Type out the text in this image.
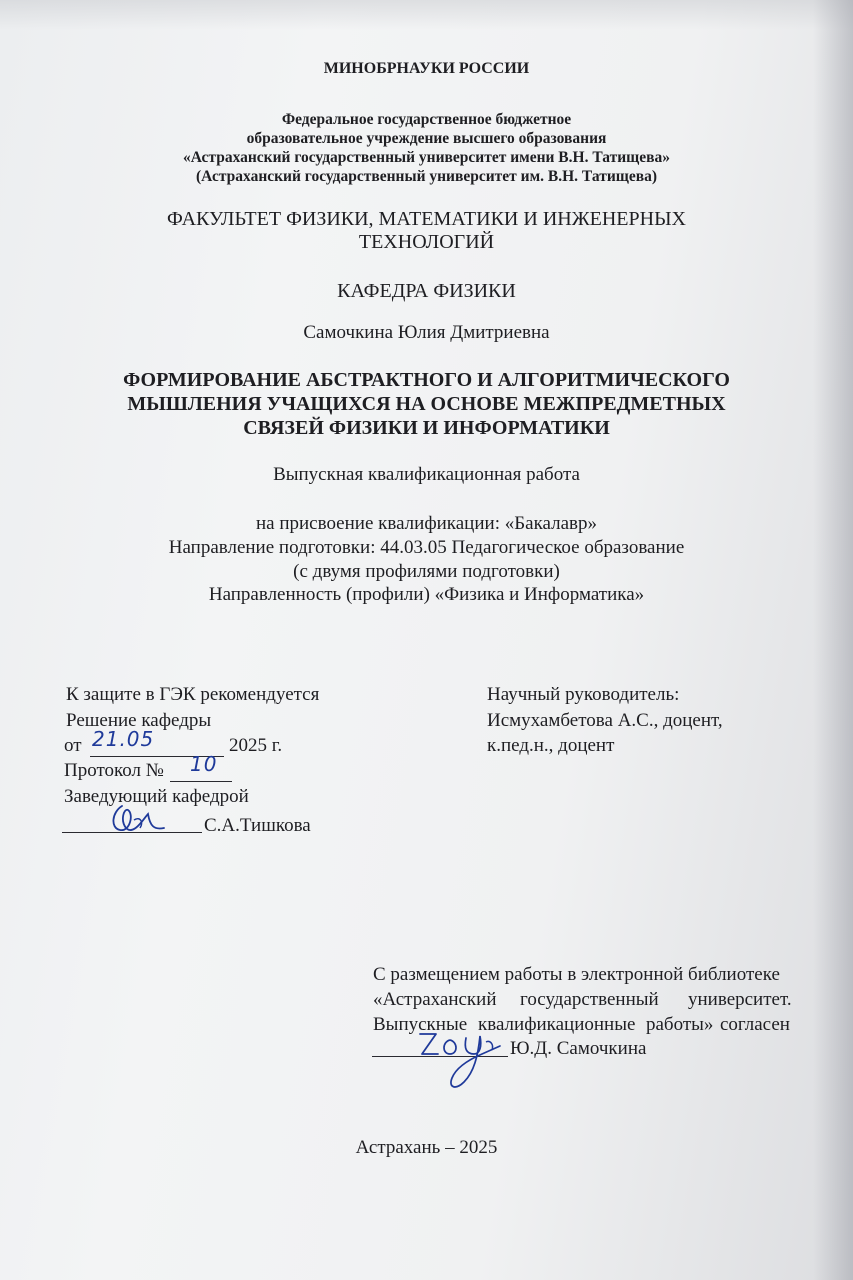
МИНОБРНАУКИ РОССИИ
Федеральное государственное бюджетное
образовательное учреждение высшего образования
«Астраханский государственный университет имени В.Н. Татищева»
(Астраханский государственный университет им. В.Н. Татищева)
ФАКУЛЬТЕТ ФИЗИКИ, МАТЕМАТИКИ И ИНЖЕНЕРНЫХ
ТЕХНОЛОГИЙ
КАФЕДРА ФИЗИКИ
Самочкина Юлия Дмитриевна
ФОРМИРОВАНИЕ АБСТРАКТНОГО И АЛГОРИТМИЧЕСКОГО
МЫШЛЕНИЯ УЧАЩИХСЯ НА ОСНОВЕ МЕЖПРЕДМЕТНЫХ
СВЯЗЕЙ ФИЗИКИ И ИНФОРМАТИКИ
Выпускная квалификационная работа
на присвоение квалификации: «Бакалавр»
Направление подготовки: 44.03.05 Педагогическое образование
(с двумя профилями подготовки)
Направленность (профили) «Физика и Информатика»
К защите в ГЭК рекомендуется
Решение кафедры
от 21.05	2025 г.
Протокол № 10
Заведующий кафедрой
С.А.Тишкова
Научный руководитель:
Исмухамбетова А.С., доцент,
к.пед.н., доцент
С размещением работы в электронной библиотеке
«Астраханский государственный университет.
Выпускные квалификационные работы» согласен
Ю.Д. Самочкина
Астрахань – 2025
